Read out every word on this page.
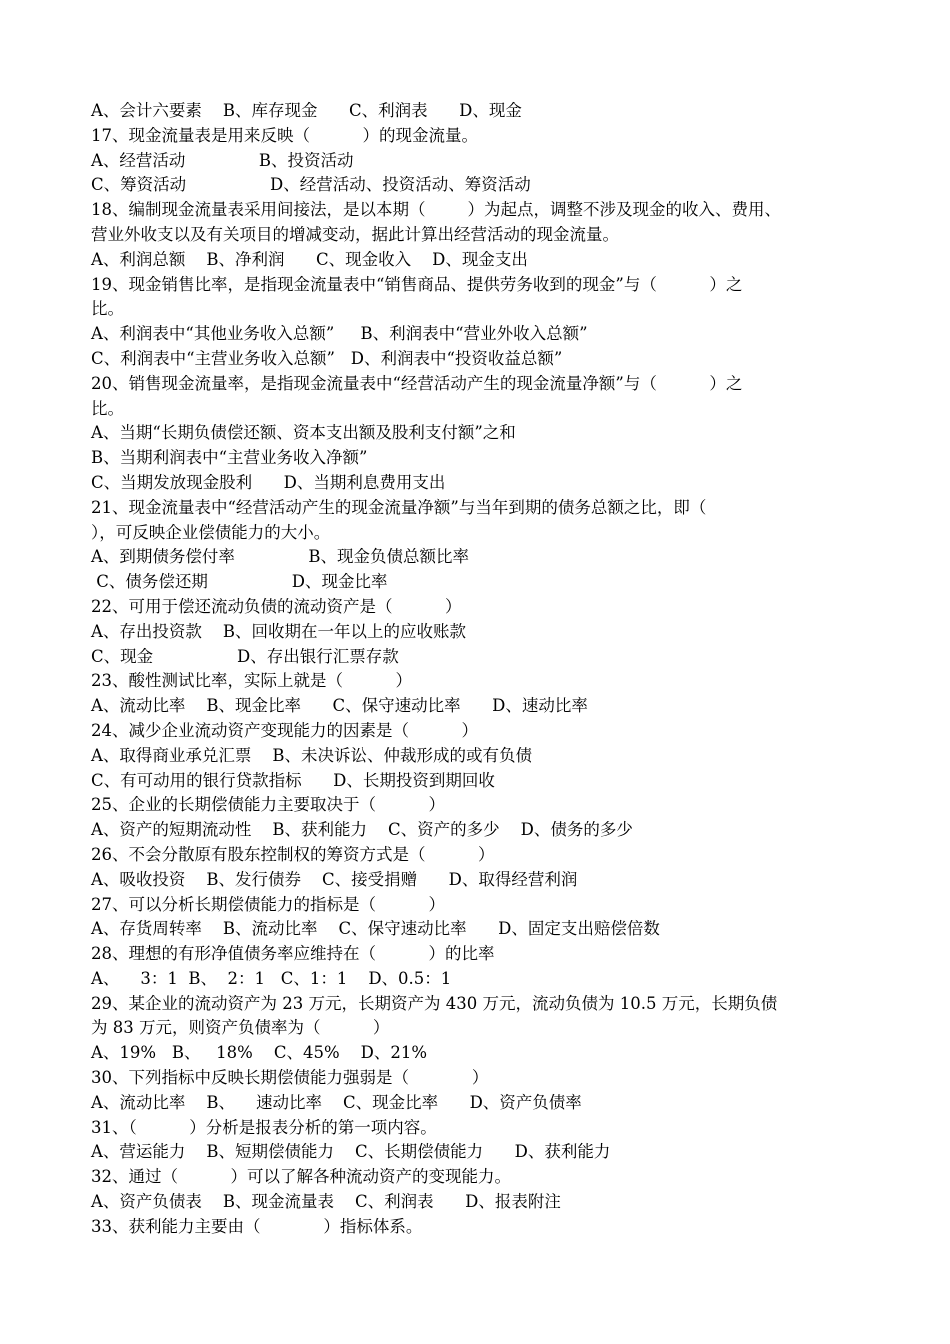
A、会计六要素    B、库存现金      C、利润表      D、现金
17、现金流量表是用来反映（          ）的现金流量。
A、经营活动              B、投资活动
C、筹资活动                D、经营活动、投资活动、筹资活动
18、编制现金流量表采用间接法，是以本期（        ）为起点，调整不涉及现金的收入、费用、
营业外收支以及有关项目的增减变动，据此计算出经营活动的现金流量。
A、利润总额    B、净利润      C、现金收入    D、现金支出
19、现金销售比率，是指现金流量表中“销售商品、提供劳务收到的现金”与（          ）之
比。
A、利润表中“其他业务收入总额”     B、利润表中“营业外收入总额”
C、利润表中“主营业务收入总额”   D、利润表中“投资收益总额”
20、销售现金流量率，是指现金流量表中“经营活动产生的现金流量净额”与（          ）之
比。
A、当期“长期负债偿还额、资本支出额及股利支付额”之和
B、当期利润表中“主营业务收入净额”
C、当期发放现金股利      D、当期利息费用支出
21、现金流量表中“经营活动产生的现金流量净额”与当年到期的债务总额之比，即（
），可反映企业偿债能力的大小。
A、到期债务偿付率              B、现金负债总额比率
C、债务偿还期                D、现金比率
22、可用于偿还流动负债的流动资产是（          ）
A、存出投资款    B、回收期在一年以上的应收账款
C、现金                D、存出银行汇票存款
23、酸性测试比率，实际上就是（          ）
A、流动比率    B、现金比率      C、保守速动比率      D、速动比率
24、减少企业流动资产变现能力的因素是（          ）
A、取得商业承兑汇票    B、未决诉讼、仲裁形成的或有负债
C、有可动用的银行贷款指标      D、长期投资到期回收
25、企业的长期偿债能力主要取决于（          ）
A、资产的短期流动性    B、获利能力    C、资产的多少    D、债务的多少
26、不会分散原有股东控制权的筹资方式是（          ）
A、吸收投资    B、发行债券    C、接受捐赠      D、取得经营利润
27、可以分析长期偿债能力的指标是（          ）
A、存货周转率    B、流动比率    C、保守速动比率      D、固定支出赔偿倍数
28、理想的有形净值债务率应维持在（          ）的比率
A、    3：1  B、  2：1   C、1：1    D、0.5：1
29、某企业的流动资产为 23 万元，长期资产为 430 万元，流动负债为 10.5 万元，长期负债
为 83 万元，则资产负债率为（          ）
A、19%   B、   18%    C、45%    D、21%
30、下列指标中反映长期偿债能力强弱是（            ）
A、流动比率    B、    速动比率    C、现金比率      D、资产负债率
31、（          ）分析是报表分析的第一项内容。
A、营运能力    B、短期偿债能力    C、长期偿债能力      D、获利能力
32、通过（          ）可以了解各种流动资产的变现能力。
A、资产负债表    B、现金流量表    C、利润表      D、报表附注
33、获利能力主要由（            ）指标体系。
